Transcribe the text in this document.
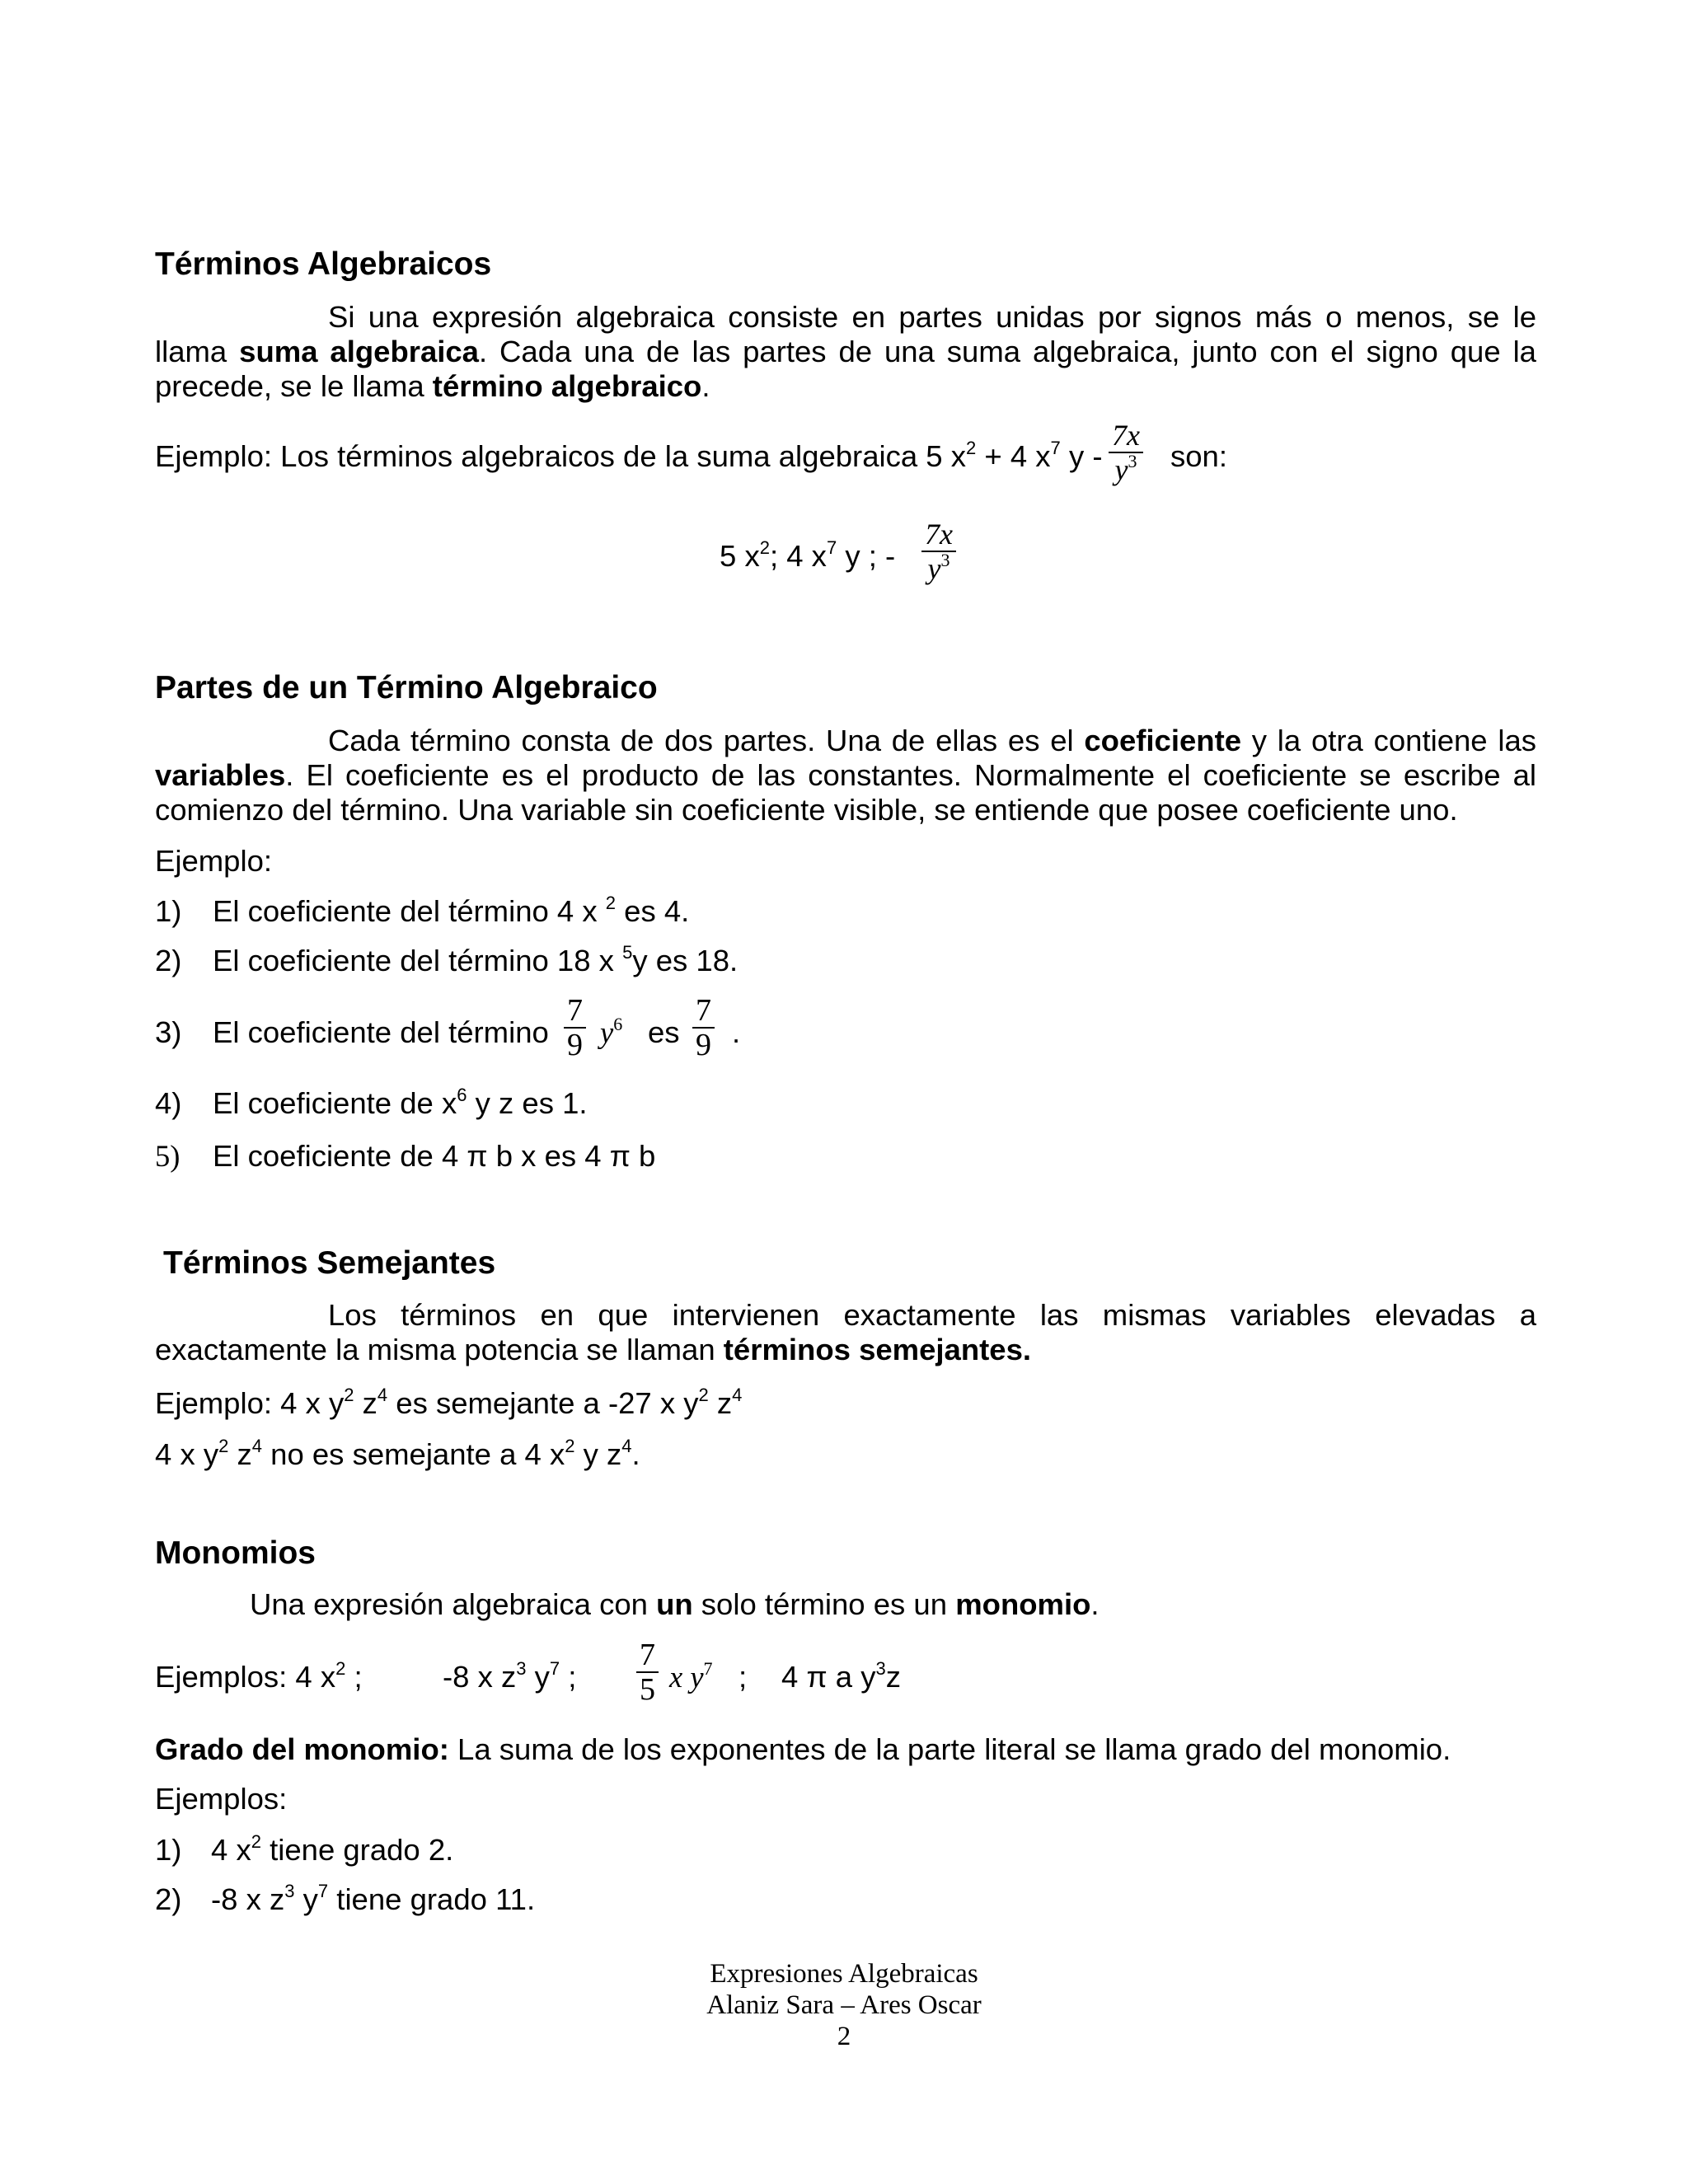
Términos Algebraicos

Si una expresión algebraica consiste en partes unidas por signos más o menos, se le llama suma algebraica. Cada una de las partes de una suma algebraica, junto con el signo que la precede, se le llama término algebraico.

Ejemplo: Los términos algebraicos de la suma algebraica 5 $x^2 + 4$ $x^7$ y - $\frac{7x}{y^3}$ son:
5 $x^2$; 4 $x^7$ y ; - $\frac{7x}{y^3}$
Partes de un Término Algebraico

Cada término consta de dos partes. Una de ellas es el coeficiente y la otra contiene las variables. El coeficiente es el producto de las constantes. Normalmente el coeficiente se escribe al comienzo del término. Una variable sin coeficiente visible, se entiende que posee coeficiente uno.

Ejemplo:
1) El coeficiente del término 4 x $^2$ es 4.
2) El coeficiente del término 18 x $^5$y es 18.
3) El coeficiente del término $\frac{7}{9} y^6$ es $\frac{7}{9}$ .
4) El coeficiente de $x^6$ y z es 1.
5) El coeficiente de 4 π b x es 4 π b
Términos Semejantes

Los términos en que intervienen exactamente las mismas variables elevadas a exactamente la misma potencia se llaman términos semejantes.

Ejemplo: 4 x $y^2$ $z^4$ es semejante a -27 x $y^2$ $z^4$
4 x $y^2$ $z^4$ no es semejante a 4 $x^2$ y $z^4$.
Monomios
Una expresión algebraica con un solo término es un monomio.
Ejemplos: 4 $x^2$ ;	-8 x $z^3$ $y^7$ ; $\frac{7}{5}$ x $y^7$ ; 4 π a $y^3z$
Grado del monomio: La suma de los exponentes de la parte literal se llama grado del monomio.
Ejemplos:
1) 4 $x^2$ tiene grado 2.
2) -8 x $z^3$ $y^7$ tiene grado 11.
Expresiones Algebraicas
Alaniz Sara – Ares Oscar
2
